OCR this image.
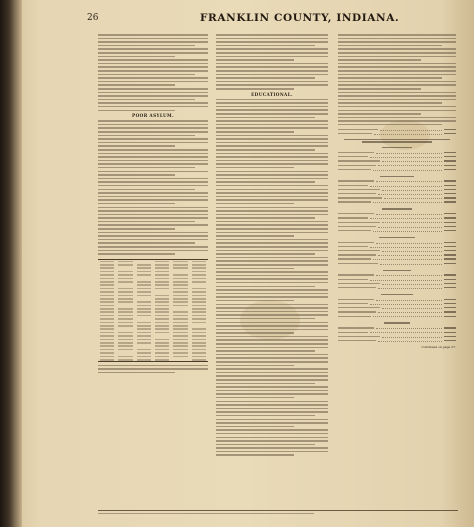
26	FRANKLIN COUNTY, INDIANA.
POOR ASYLUM.
EDUCATIONAL.
Continued on page 27.
